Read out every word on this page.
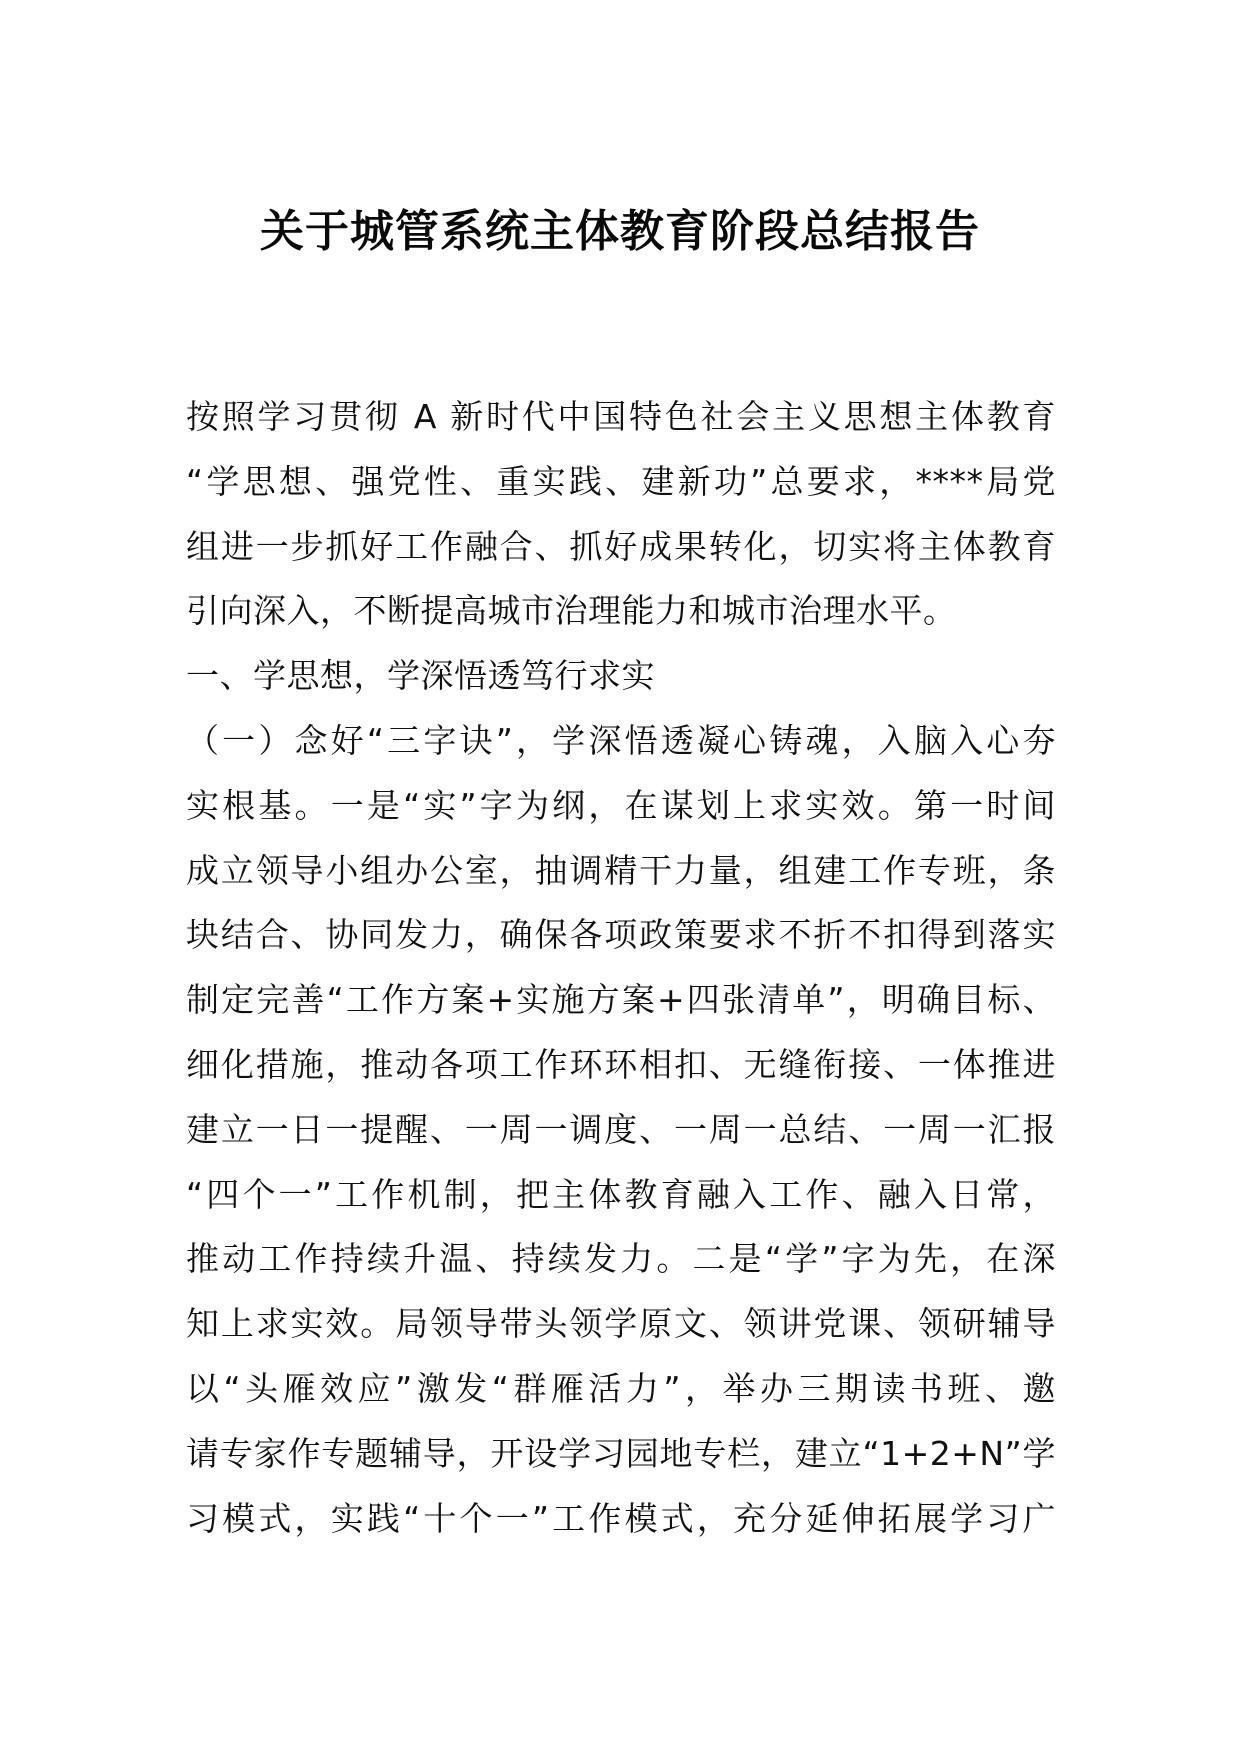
关于城管系统主体教育阶段总结报告
按照学习贯彻 A 新时代中国特色社会主义思想主体教育
“学思想、强党性、重实践、建新功”总要求，****局党
组进一步抓好工作融合、抓好成果转化，切实将主体教育
引向深入，不断提高城市治理能力和城市治理水平。
一、学思想，学深悟透笃行求实
（一）念好“三字诀”，学深悟透凝心铸魂，入脑入心夯
实根基。一是“实”字为纲，在谋划上求实效。第一时间
成立领导小组办公室，抽调精干力量，组建工作专班，条
块结合、协同发力，确保各项政策要求不折不扣得到落实
制定完善“工作方案+实施方案+四张清单”，明确目标、
细化措施，推动各项工作环环相扣、无缝衔接、一体推进
建立一日一提醒、一周一调度、一周一总结、一周一汇报
“四个一”工作机制，把主体教育融入工作、融入日常，
推动工作持续升温、持续发力。二是“学”字为先，在深
知上求实效。局领导带头领学原文、领讲党课、领研辅导
以“头雁效应”激发“群雁活力”，举办三期读书班、邀
请专家作专题辅导，开设学习园地专栏，建立“1+2+N”学
习模式，实践“十个一”工作模式，充分延伸拓展学习广
